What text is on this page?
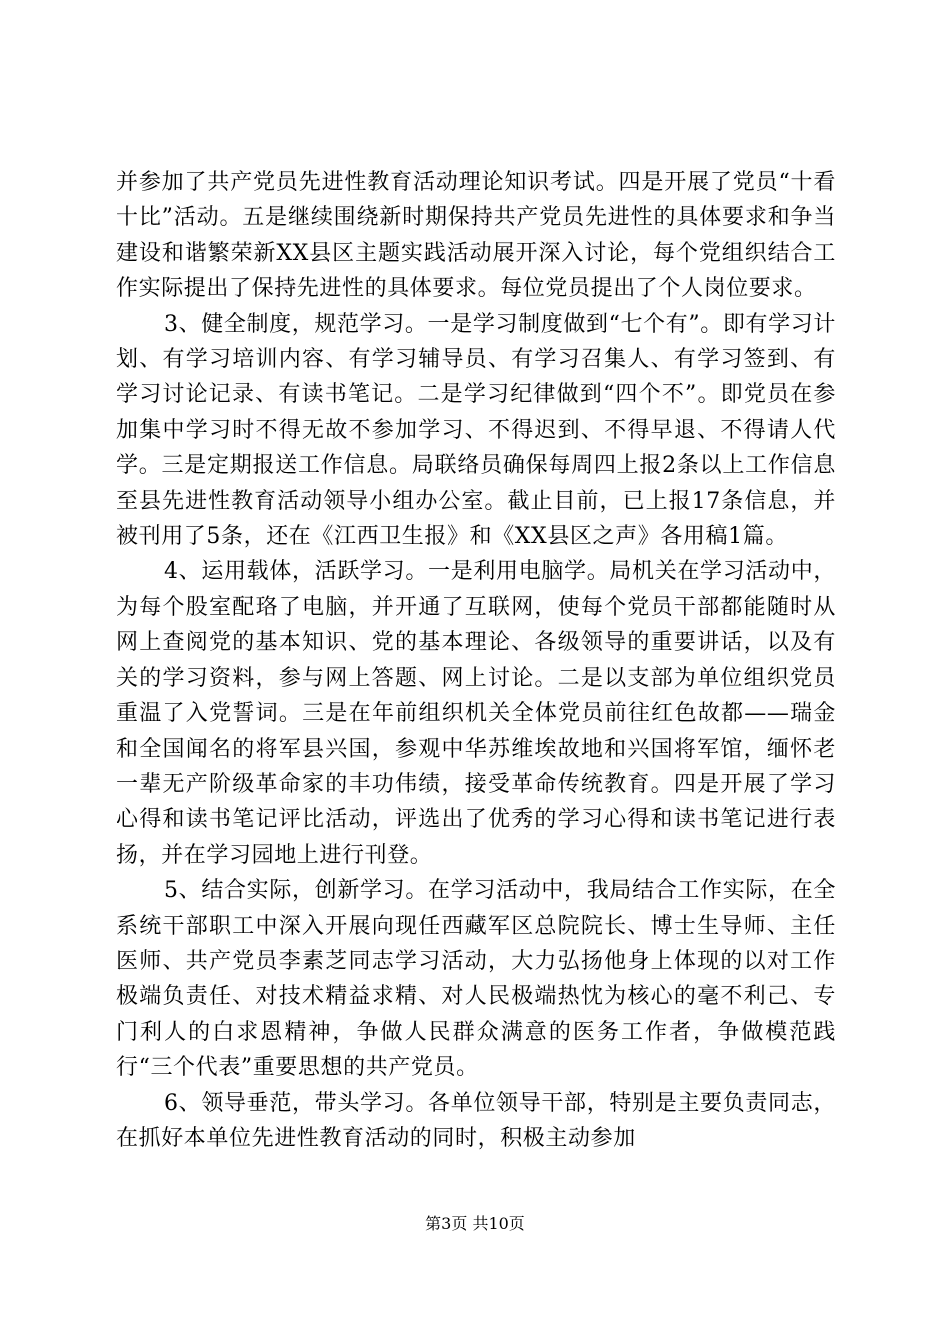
并参加了共产党员先进性教育活动理论知识考试。四是开展了党员“十看十比”活动。五是继续围绕新时期保持共产党员先进性的具体要求和争当建设和谐繁荣新XX县区主题实践活动展开深入讨论，每个党组织结合工作实际提出了保持先进性的具体要求。每位党员提出了个人岗位要求。

3、健全制度，规范学习。一是学习制度做到“七个有”。即有学习计划、有学习培训内容、有学习辅导员、有学习召集人、有学习签到、有学习讨论记录、有读书笔记。二是学习纪律做到“四个不”。即党员在参加集中学习时不得无故不参加学习、不得迟到、不得早退、不得请人代学。三是定期报送工作信息。局联络员确保每周四上报2条以上工作信息至县先进性教育活动领导小组办公室。截止目前，已上报17条信息，并被刊用了5条，还在《江西卫生报》和《XX县区之声》各用稿1篇。

4、运用载体，活跃学习。一是利用电脑学。局机关在学习活动中，为每个股室配珞了电脑，并开通了互联网，使每个党员干部都能随时从网上查阅党的基本知识、党的基本理论、各级领导的重要讲话，以及有关的学习资料，参与网上答题、网上讨论。二是以支部为单位组织党员重温了入党誓词。三是在年前组织机关全体党员前往红色故都——瑞金和全国闻名的将军县兴国，参观中华苏维埃故地和兴国将军馆，缅怀老一辈无产阶级革命家的丰功伟绩，接受革命传统教育。四是开展了学习心得和读书笔记评比活动，评选出了优秀的学习心得和读书笔记进行表扬，并在学习园地上进行刊登。

5、结合实际，创新学习。在学习活动中，我局结合工作实际，在全系统干部职工中深入开展向现任西藏军区总院院长、博士生导师、主任医师、共产党员李素芝同志学习活动，大力弘扬他身上体现的以对工作极端负责任、对技术精益求精、对人民极端热忱为核心的毫不利己、专门利人的白求恩精神，争做人民群众满意的医务工作者，争做模范践行“三个代表”重要思想的共产党员。

6、领导垂范，带头学习。各单位领导干部，特别是主要负责同志，在抓好本单位先进性教育活动的同时，积极主动参加

第3页 共10页
